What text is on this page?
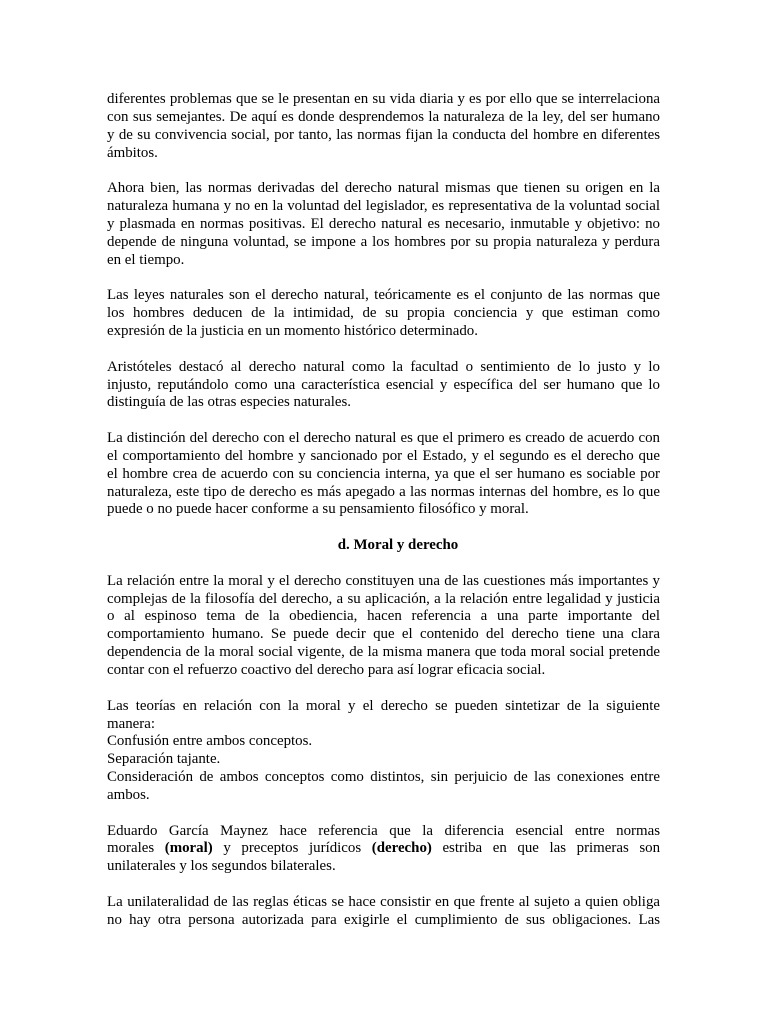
diferentes problemas que se le presentan en su vida diaria y es por ello que se interrelaciona
con sus semejantes. De aquí es donde desprendemos la naturaleza de la ley, del ser humano
y de su convivencia social, por tanto, las normas fijan la conducta del hombre en diferentes
ámbitos.
Ahora bien, las normas derivadas del derecho natural mismas que tienen su origen en la
naturaleza humana y no en la voluntad del legislador, es representativa de la voluntad social
y plasmada en normas positivas. El derecho natural es necesario, inmutable y objetivo: no
depende de ninguna voluntad, se impone a los hombres por su propia naturaleza y perdura
en el tiempo.
Las leyes naturales son el derecho natural, teóricamente es el conjunto de las normas que
los hombres deducen de la intimidad, de su propia conciencia y que estiman como
expresión de la justicia en un momento histórico determinado.
Aristóteles destacó al derecho natural como la facultad o sentimiento de lo justo y lo
injusto, reputándolo como una característica esencial y específica del ser humano que lo
distinguía de las otras especies naturales.
La distinción del derecho con el derecho natural es que el primero es creado de acuerdo con
el comportamiento del hombre y sancionado por el Estado, y el segundo es el derecho que
el hombre crea de acuerdo con su conciencia interna, ya que el ser humano es sociable por
naturaleza, este tipo de derecho es más apegado a las normas internas del hombre, es lo que
puede o no puede hacer conforme a su pensamiento filosófico y moral.
d. Moral y derecho
La relación entre la moral y el derecho constituyen una de las cuestiones más importantes y
complejas de la filosofía del derecho, a su aplicación, a la relación entre legalidad y justicia
o al espinoso tema de la obediencia, hacen referencia a una parte importante del
comportamiento humano. Se puede decir que el contenido del derecho tiene una clara
dependencia de la moral social vigente, de la misma manera que toda moral social pretende
contar con el refuerzo coactivo del derecho para así lograr eficacia social.
Las teorías en relación con la moral y el derecho se pueden sintetizar de la siguiente
manera:
Confusión entre ambos conceptos.
Separación tajante.
Consideración de ambos conceptos como distintos, sin perjuicio de las conexiones entre
ambos.
Eduardo García Maynez hace referencia que la diferencia esencial entre normas
morales (moral) y preceptos jurídicos (derecho) estriba en que las primeras son
unilaterales y los segundos bilaterales.
La unilateralidad de las reglas éticas se hace consistir en que frente al sujeto a quien obliga
no hay otra persona autorizada para exigirle el cumplimiento de sus obligaciones. Las
